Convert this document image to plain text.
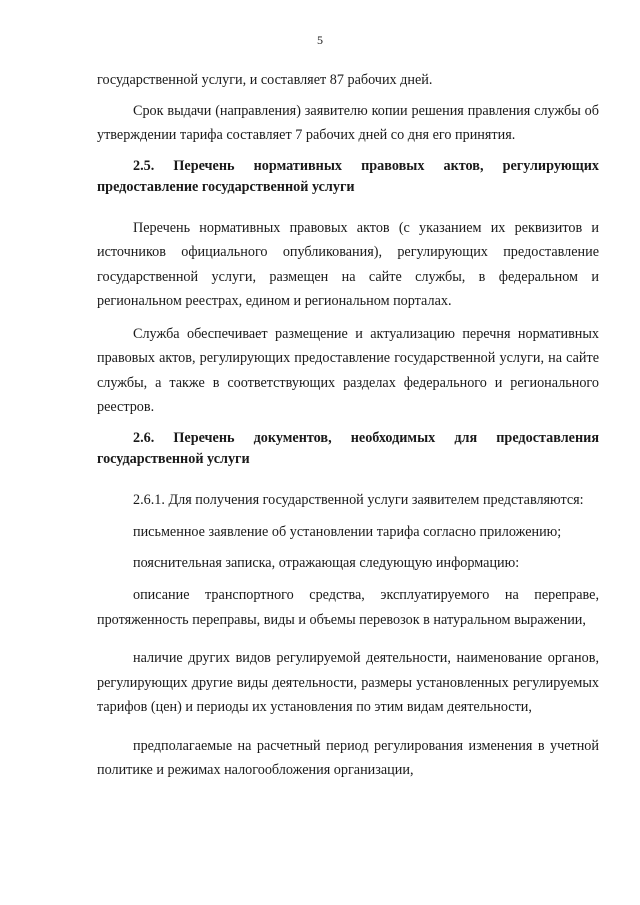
5

государственной услуги, и составляет 87 рабочих дней.

Срок выдачи (направления) заявителю копии решения правления службы об утверждении тарифа составляет 7 рабочих дней со дня его принятия.

2.5. Перечень нормативных правовых актов, регулирующих предоставление государственной услуги

Перечень нормативных правовых актов (с указанием их реквизитов и источников официального опубликования), регулирующих предоставление государственной услуги, размещен на сайте службы, в федеральном и региональном реестрах, едином и региональном порталах.

Служба обеспечивает размещение и актуализацию перечня нормативных правовых актов, регулирующих предоставление государственной услуги, на сайте службы, а также в соответствующих разделах федерального и регионального реестров.

2.6. Перечень документов, необходимых для предоставления государственной услуги

2.6.1. Для получения государственной услуги заявителем представляются:

письменное заявление об установлении тарифа согласно приложению;

пояснительная записка, отражающая следующую информацию:

описание транспортного средства, эксплуатируемого на переправе, протяженность переправы, виды и объемы перевозок в натуральном выражении,

наличие других видов регулируемой деятельности, наименование органов, регулирующих другие виды деятельности, размеры установленных регулируемых тарифов (цен) и периоды их установления по этим видам деятельности,

предполагаемые на расчетный период регулирования изменения в учетной политике и режимах налогообложения организации,
